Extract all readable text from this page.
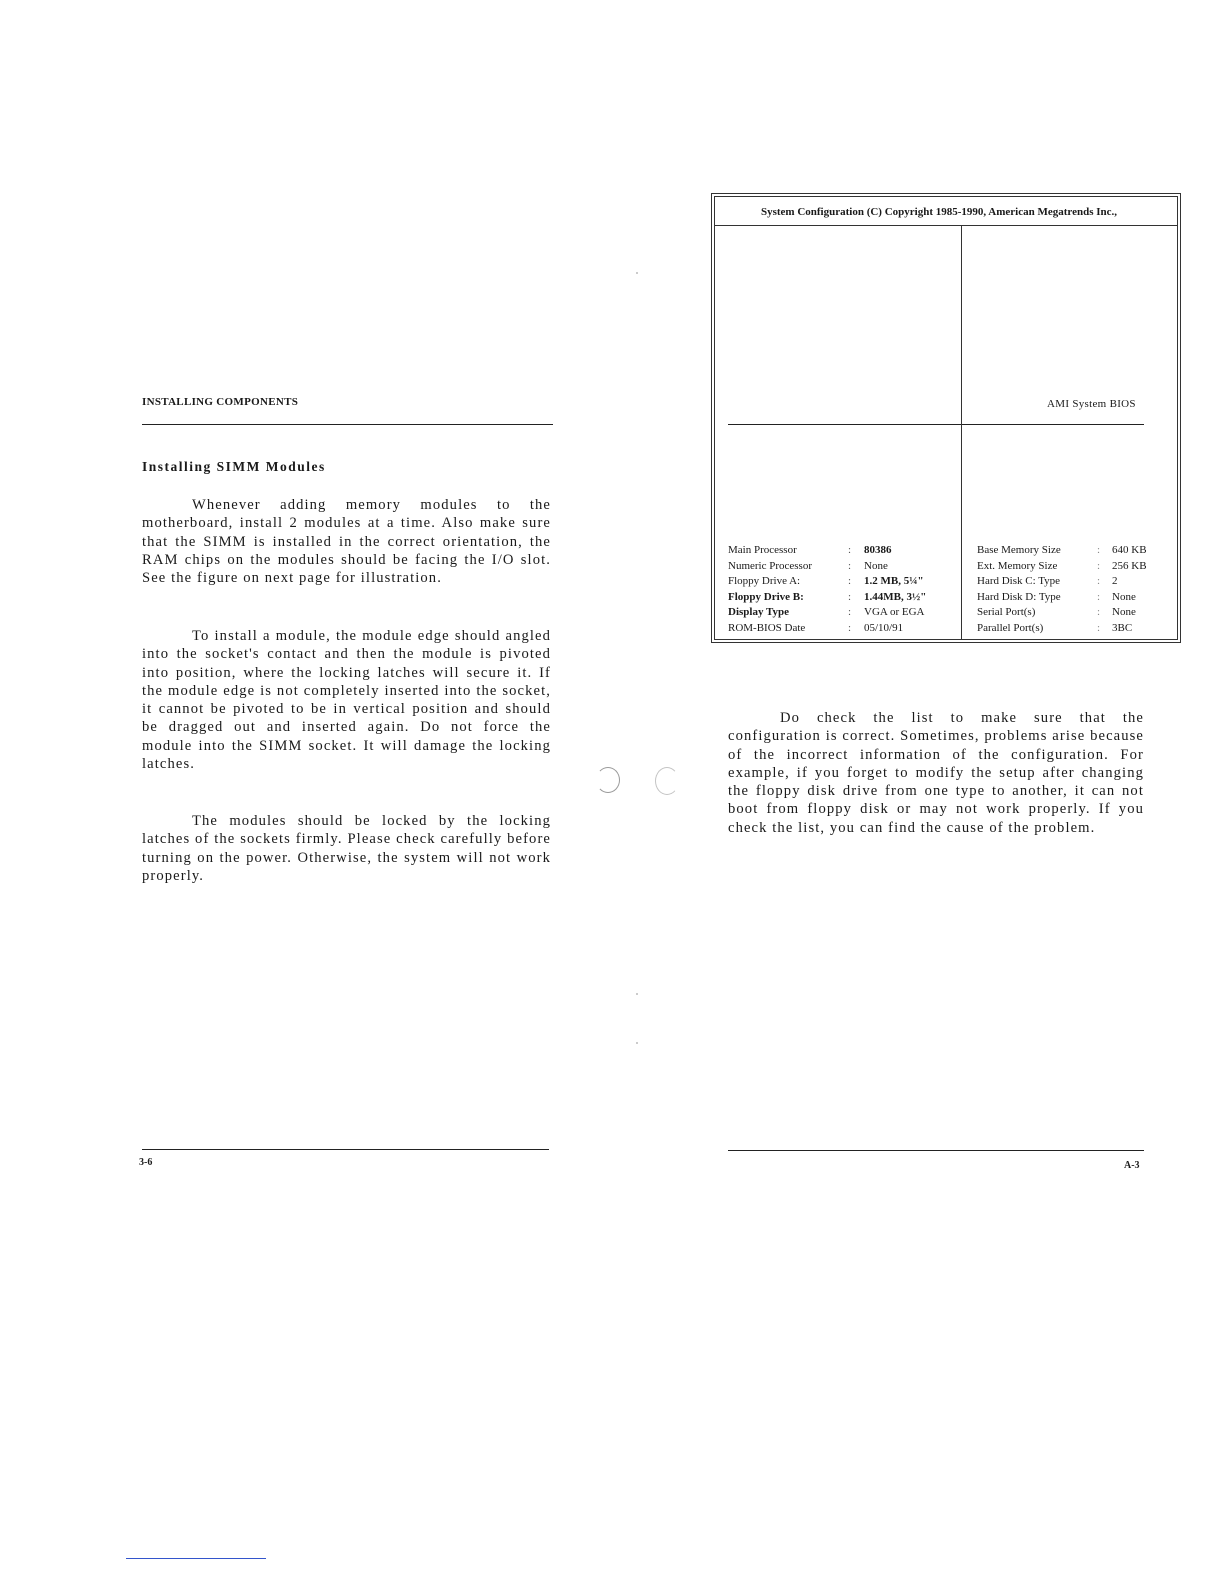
INSTALLING COMPONENTS
Installing SIMM Modules

Whenever adding memory modules to the motherboard, install 2 modules at a time. Also make sure that the SIMM is installed in the correct orientation, the RAM chips on the modules should be facing the I/O slot. See the figure on next page for illustration.

To install a module, the module edge should angled into the socket's contact and then the module is pivoted into position, where the locking latches will secure it. If the module edge is not completely inserted into the socket, it cannot be pivoted to be in vertical position and should be dragged out and inserted again. Do not force the module into the SIMM socket. It will damage the locking latches.

The modules should be locked by the locking latches of the sockets firmly. Please check carefully before turning on the power. Otherwise, the system will not work properly.

3-6
AMI System BIOS
System Configuration (C) Copyright 1985-1990, American Megatrends Inc.,
Main Processor
Numeric Processor
Floppy Drive A:
Floppy Drive B:
Display Type
ROM-BIOS Date
:
:
:
:
:
:
80386
None
1.2 MB, 5¼"
1.44MB, 3½"
VGA or EGA
05/10/91
Base Memory Size
Ext. Memory Size
Hard Disk C: Type
Hard Disk D: Type
Serial Port(s)
Parallel Port(s)
:
:
:
:
:
:
640 KB
256 KB
2
None
None
3BC

Do check the list to make sure that the configuration is correct. Sometimes, problems arise because of the incorrect information of the configuration. For example, if you forget to modify the setup after changing the floppy disk drive from one type to another, it can not boot from floppy disk or may not work properly. If you check the list, you can find the cause of the problem.

A-3
